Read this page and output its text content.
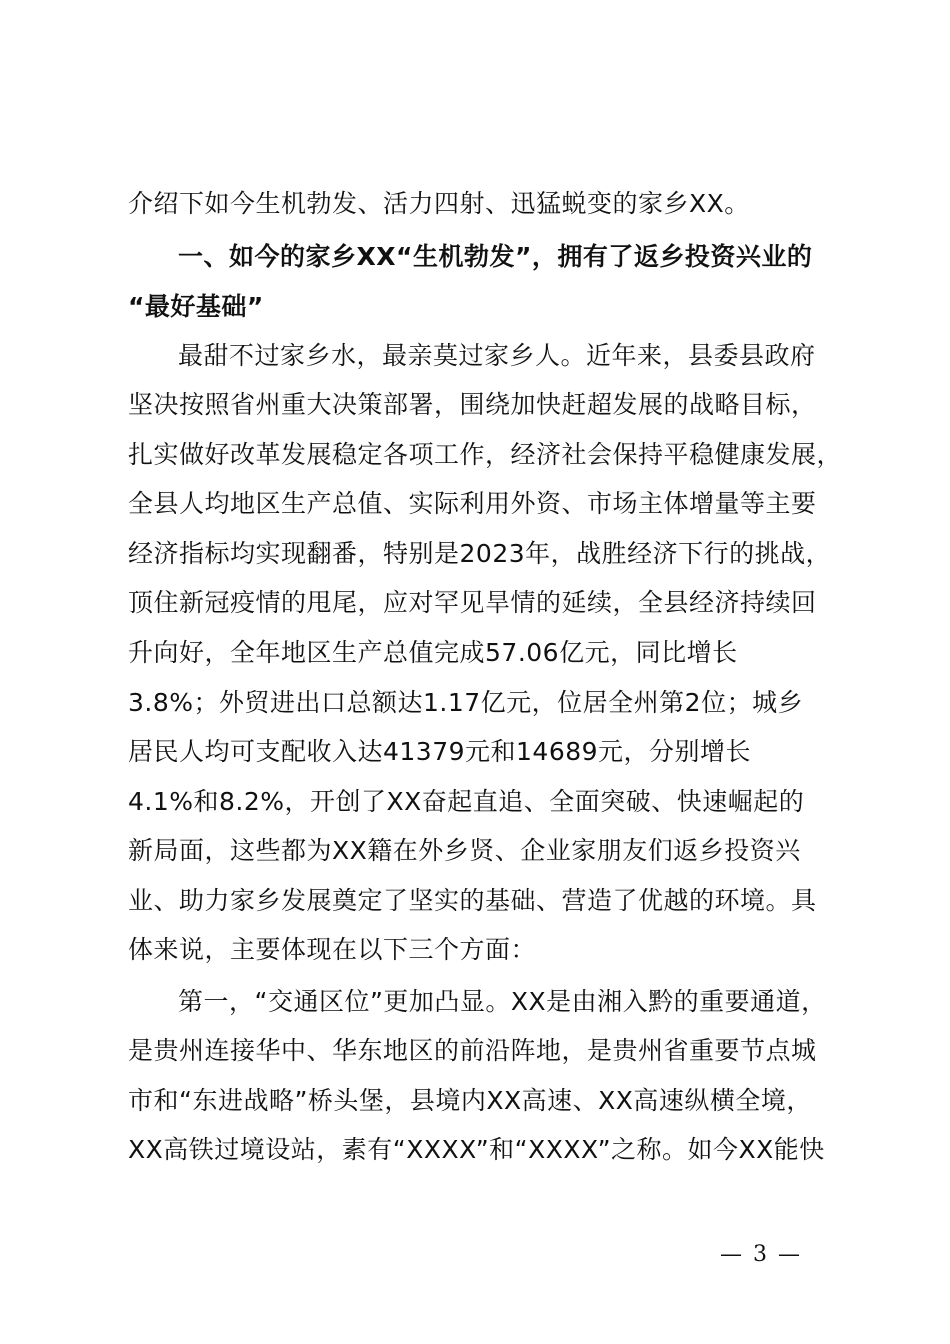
介绍下如今生机勃发、活力四射、迅猛蜕变的家乡XX。
一、如今的家乡XX“生机勃发”，拥有了返乡投资兴业的
“最好基础”
最甜不过家乡水，最亲莫过家乡人。近年来，县委县政府
坚决按照省州重大决策部署，围绕加快赶超发展的战略目标，
扎实做好改革发展稳定各项工作，经济社会保持平稳健康发展，
全县人均地区生产总值、实际利用外资、市场主体增量等主要
经济指标均实现翻番，特别是2023年，战胜经济下行的挑战，
顶住新冠疫情的甩尾，应对罕见旱情的延续，全县经济持续回
升向好，全年地区生产总值完成57.06亿元，同比增长
3.8%；外贸进出口总额达1.17亿元，位居全州第2位；城乡
居民人均可支配收入达41379元和14689元，分别增长
4.1%和8.2%，开创了XX奋起直追、全面突破、快速崛起的
新局面，这些都为XX籍在外乡贤、企业家朋友们返乡投资兴
业、助力家乡发展奠定了坚实的基础、营造了优越的环境。具
体来说，主要体现在以下三个方面：
第一，“交通区位”更加凸显。XX是由湘入黔的重要通道，
是贵州连接华中、华东地区的前沿阵地，是贵州省重要节点城
市和“东进战略”桥头堡，县境内XX高速、XX高速纵横全境，
XX高铁过境设站，素有“XXXX”和“XXXX”之称。如今XX能快
— 3 —
